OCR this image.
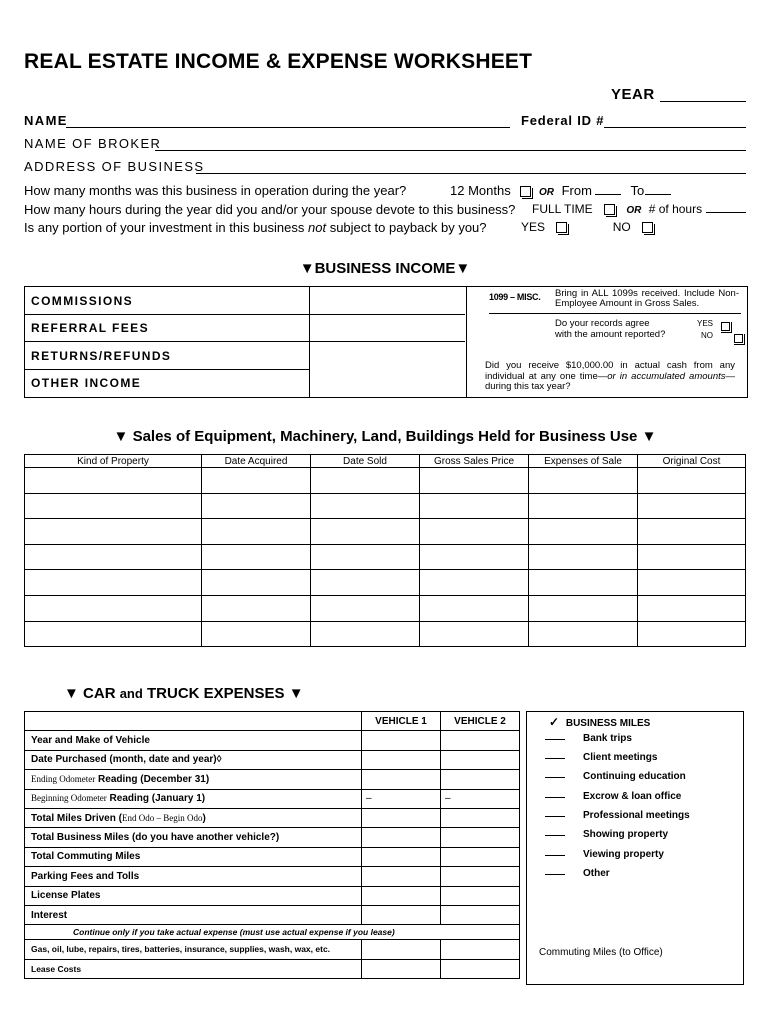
REAL ESTATE INCOME & EXPENSE WORKSHEET
YEAR
NAME	Federal ID #
NAME OF BROKER
ADDRESS OF BUSINESS
How many months was this business in operation during the year?	12 Months	OR From	To
How many hours during the year did you and/or your spouse devote to this business? FULL TIME	OR # of hours
Is any portion of your investment in this business not subject to payback by you?	YES	NO
▼BUSINESS INCOME▼
COMMISSIONS
REFERRAL FEES
RETURNS/REFUNDS
OTHER INCOME
1099 – MISC. Bring in ALL 1099s received. Include Non-Employee Amount in Gross Sales.
Do your records agree with the amount reported?
YES

NO
Did you receive $10,000.00 in actual cash from any individual at any one time—or in accumulated amounts—during this tax year?
▼ Sales of Equipment, Machinery, Land, Buildings Held for Business Use ▼
Kind of Property	Date Acquired	Date Sold	Gross Sales Price	Expenses of Sale	Original Cost

▼ CAR and TRUCK EXPENSES ▼
	VEHICLE 1	VEHICLE 2
Year and Make of Vehicle		
Date Purchased (month, date and year)◊		
Ending Odometer Reading (December 31)		
Beginning Odometer Reading (January 1)	–	–
Total Miles Driven (End Odo – Begin Odo)		
Total Business Miles (do you have another vehicle?)		
Total Commuting Miles		
Parking Fees and Tolls		
License Plates		
Interest		
Continue only if you take actual expense (must use actual expense if you lease)		
Gas, oil, lube, repairs, tires, batteries, insurance, supplies, wash, wax, etc.		
Lease Costs		
✓ BUSINESS MILES
Bank trips
Client meetings
Continuing education
Excrow & loan office
Professional meetings
Showing property
Viewing property
Other
Commuting Miles (to Office)
